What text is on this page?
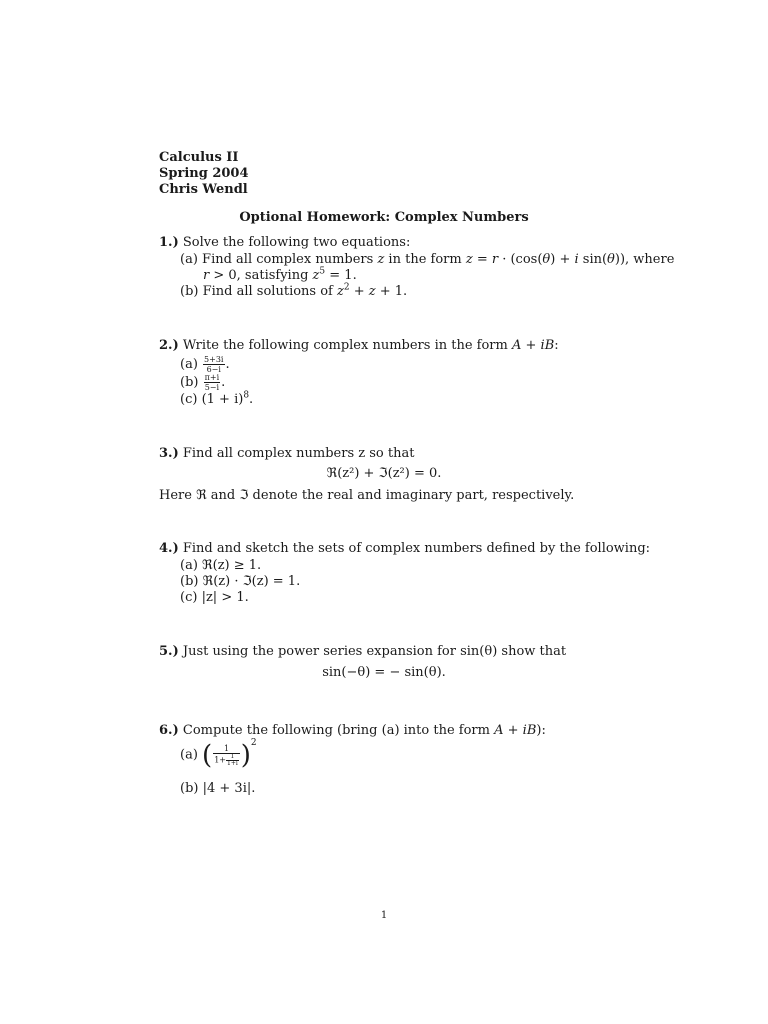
Calculus II
Spring 2004
Chris Wendl
Optional Homework: Complex Numbers
1.) Solve the following two equations:
(a) Find all complex numbers z in the form z = r · (cos(θ) + i sin(θ)), where
r > 0, satisfying $z^5 = 1$.
(b) Find all solutions of $z^2 + z + 1$.
2.) Write the following complex numbers in the form A + iB:
$(a) \frac{5+3i}{6-i}$ .
$(b) \frac{\pi+i}{5-i}$ .
(c) $(1 + i)^8$.
3.) Find all complex numbers z so that
ℜ(z²) + ℑ(z²) = 0.
Here ℜ and ℑ denote the real and imaginary part, respectively.
4.) Find and sketch the sets of complex numbers defined by the following:
(a) ℜ(z) ≥ 1.
(b) ℜ(z) · ℑ(z) = 1.
(c) |z| > 1.
5.) Just using the power series expansion for sin(θ) show that
sin(−θ) = − sin(θ).
6.) Compute the following (bring (a) into the form A + iB):
(a) ( $\frac{1}{1+ \frac{1}{1+i}} )^2$
(b) |4 + 3i|.
1
